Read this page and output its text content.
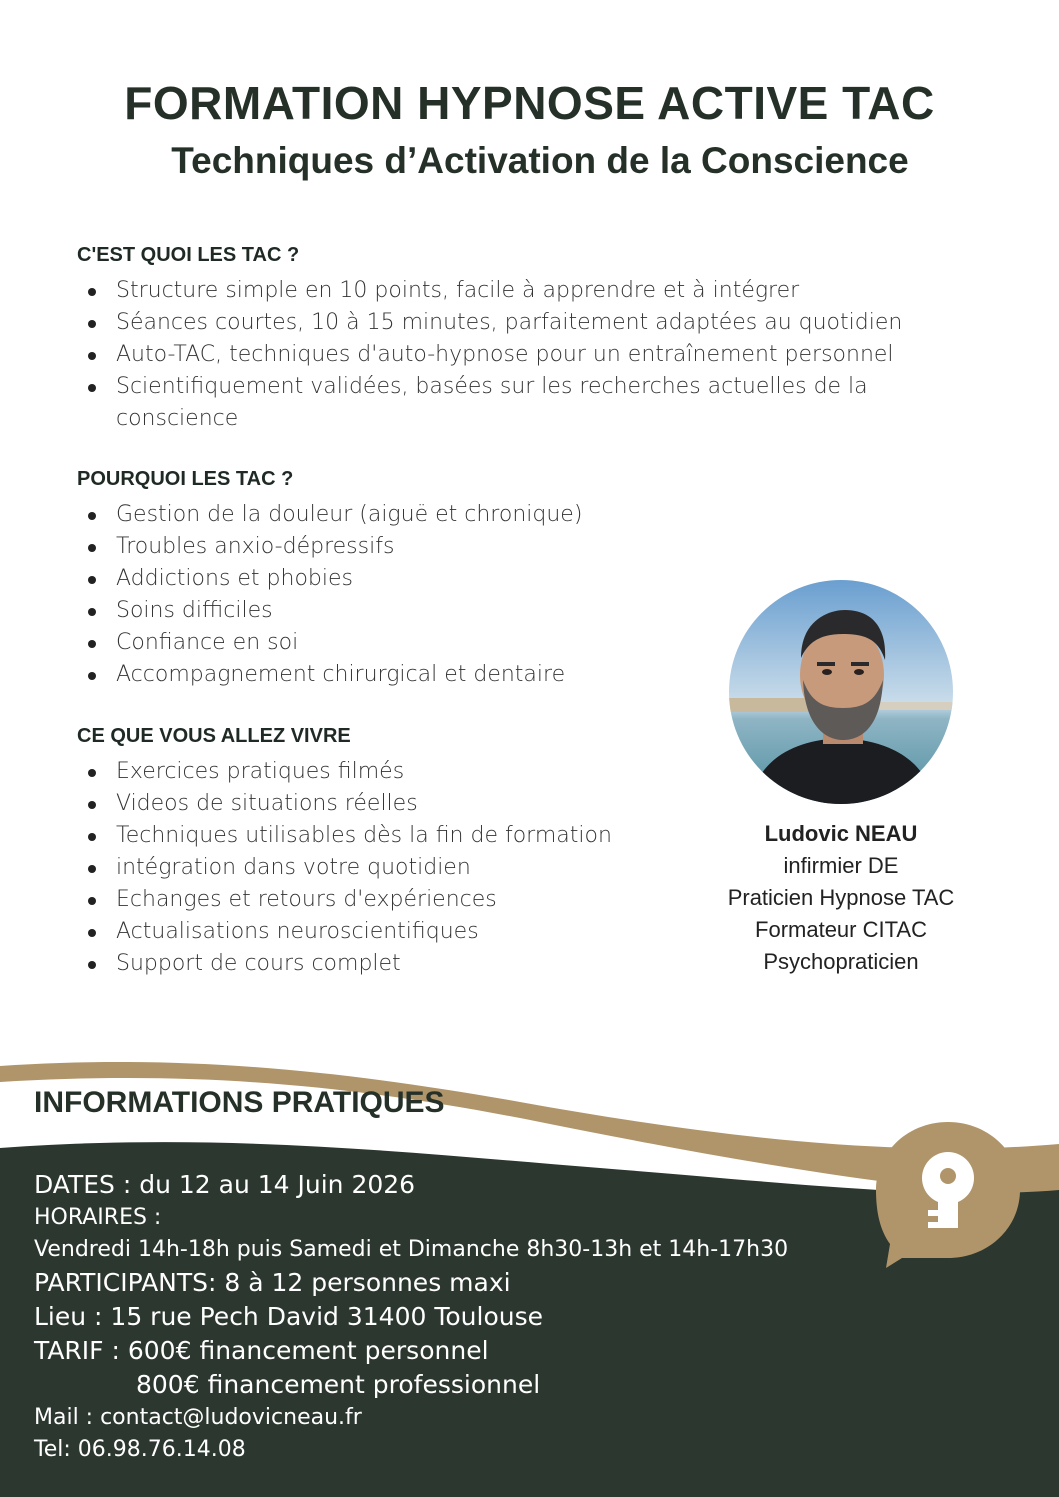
FORMATION HYPNOSE ACTIVE TAC
Techniques d’Activation de la Conscience
C'EST QUOI LES TAC ?
Structure simple en 10 points, facile à apprendre et à intégrer
Séances courtes, 10 à 15 minutes, parfaitement adaptées au quotidien
Auto-TAC, techniques d'auto-hypnose pour un entraînement personnel
Scientifiquement validées, basées sur les recherches actuelles de la conscience
POURQUOI LES TAC ?
Gestion de la douleur (aiguë et chronique)
Troubles anxio-dépressifs
Addictions et phobies
Soins difficiles
Confiance en soi
Accompagnement chirurgical et dentaire
CE QUE VOUS ALLEZ VIVRE
Exercices pratiques filmés
Videos de situations réelles
Techniques utilisables dès la fin de formation
intégration dans votre quotidien
Echanges et retours d'expériences
Actualisations neuroscientifiques
Support de cours complet
Ludovic NEAU
infirmier DE
Praticien Hypnose TAC
Formateur CITAC
Psychopraticien
INFORMATIONS PRATIQUES
DATES : du 12 au 14 Juin 2026
HORAIRES :
Vendredi 14h-18h puis Samedi et Dimanche 8h30-13h et 14h-17h30
PARTICIPANTS: 8 à 12 personnes maxi
Lieu : 15 rue Pech David 31400 Toulouse
TARIF : 600€ financement personnel
800€ financement professionnel
Mail : contact@ludovicneau.fr
Tel: 06.98.76.14.08
